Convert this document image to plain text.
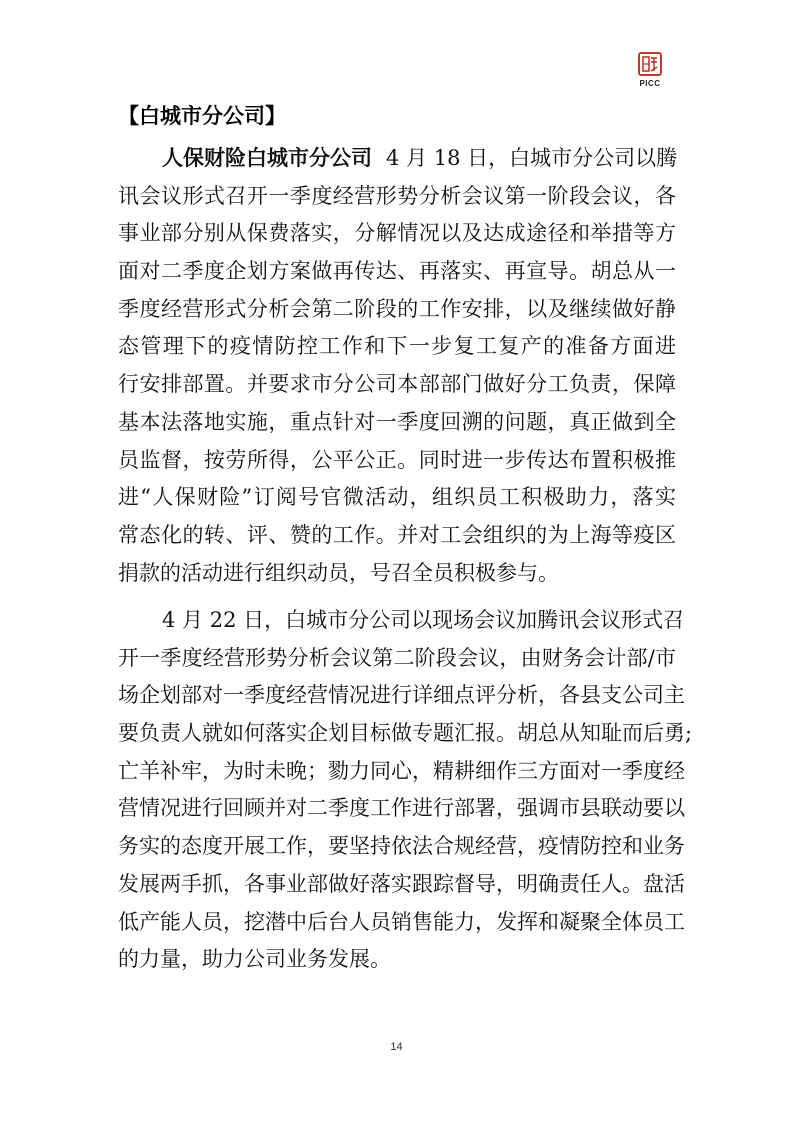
PICC
【白城市分公司】

人保财险白城市分公司 4 月 18 日，白城市分公司以腾
讯会议形式召开一季度经营形势分析会议第一阶段会议，各
事业部分别从保费落实，分解情况以及达成途径和举措等方
面对二季度企划方案做再传达、再落实、再宣导。胡总从一
季度经营形式分析会第二阶段的工作安排，以及继续做好静
态管理下的疫情防控工作和下一步复工复产的准备方面进
行安排部置。并要求市分公司本部部门做好分工负责，保障
基本法落地实施，重点针对一季度回溯的问题，真正做到全
员监督，按劳所得，公平公正。同时进一步传达布置积极推
进“人保财险”订阅号官微活动，组织员工积极助力，落实
常态化的转、评、赞的工作。并对工会组织的为上海等疫区
捐款的活动进行组织动员，号召全员积极参与。

4 月 22 日，白城市分公司以现场会议加腾讯会议形式召
开一季度经营形势分析会议第二阶段会议，由财务会计部/市
场企划部对一季度经营情况进行详细点评分析，各县支公司主
要负责人就如何落实企划目标做专题汇报。胡总从知耻而后勇;
亡羊补牢，为时未晚；勠力同心，精耕细作三方面对一季度经
营情况进行回顾并对二季度工作进行部署，强调市县联动要以
务实的态度开展工作，要坚持依法合规经营，疫情防控和业务
发展两手抓，各事业部做好落实跟踪督导，明确责任人。盘活
低产能人员，挖潜中后台人员销售能力，发挥和凝聚全体员工
的力量，助力公司业务发展。

14
